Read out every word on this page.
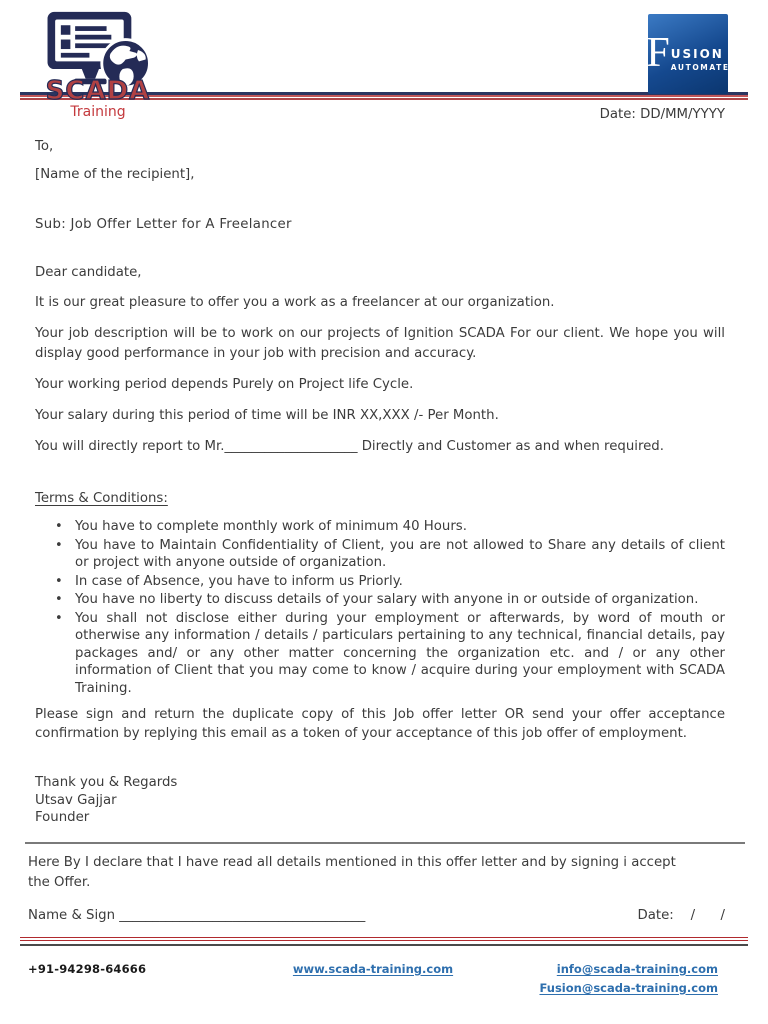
SCADA
Training
F USION
AUTOMATE
Date: DD/MM/YYYY
To,
[Name of the recipient],
Sub: Job Offer Letter for A Freelancer
Dear candidate,
It is our great pleasure to offer you a work as a freelancer at our organization.
Your job description will be to work on our projects of Ignition SCADA For our client. We hope you will display good performance in your job with precision and accuracy.
Your working period depends Purely on Project life Cycle.
Your salary during this period of time will be INR XX,XXX /- Per Month.
You will directly report to Mr.____________________ Directly and Customer as and when required.
Terms & Conditions:
• You have to complete monthly work of minimum 40 Hours.
• You have to Maintain Confidentiality of Client, you are not allowed to Share any details of client or project with anyone outside of organization.
• In case of Absence, you have to inform us Priorly.
• You have no liberty to discuss details of your salary with anyone in or outside of organization.
• You shall not disclose either during your employment or afterwards, by word of mouth or otherwise any information / details / particulars pertaining to any technical, financial details, pay packages and/ or any other matter concerning the organization etc. and / or any other information of Client that you may come to know / acquire during your employment with SCADA Training.
Please sign and return the duplicate copy of this Job offer letter OR send your offer acceptance confirmation by replying this email as a token of your acceptance of this job offer of employment.
Thank you & Regards
Utsav Gajjar
Founder
Here By I declare that I have read all details mentioned in this offer letter and by signing i accept the Offer.
Name & Sign _____________________________________	Date:    /      /
+91-94298-64666	www.scada-training.com	info@scada-training.com
Fusion@scada-training.com
